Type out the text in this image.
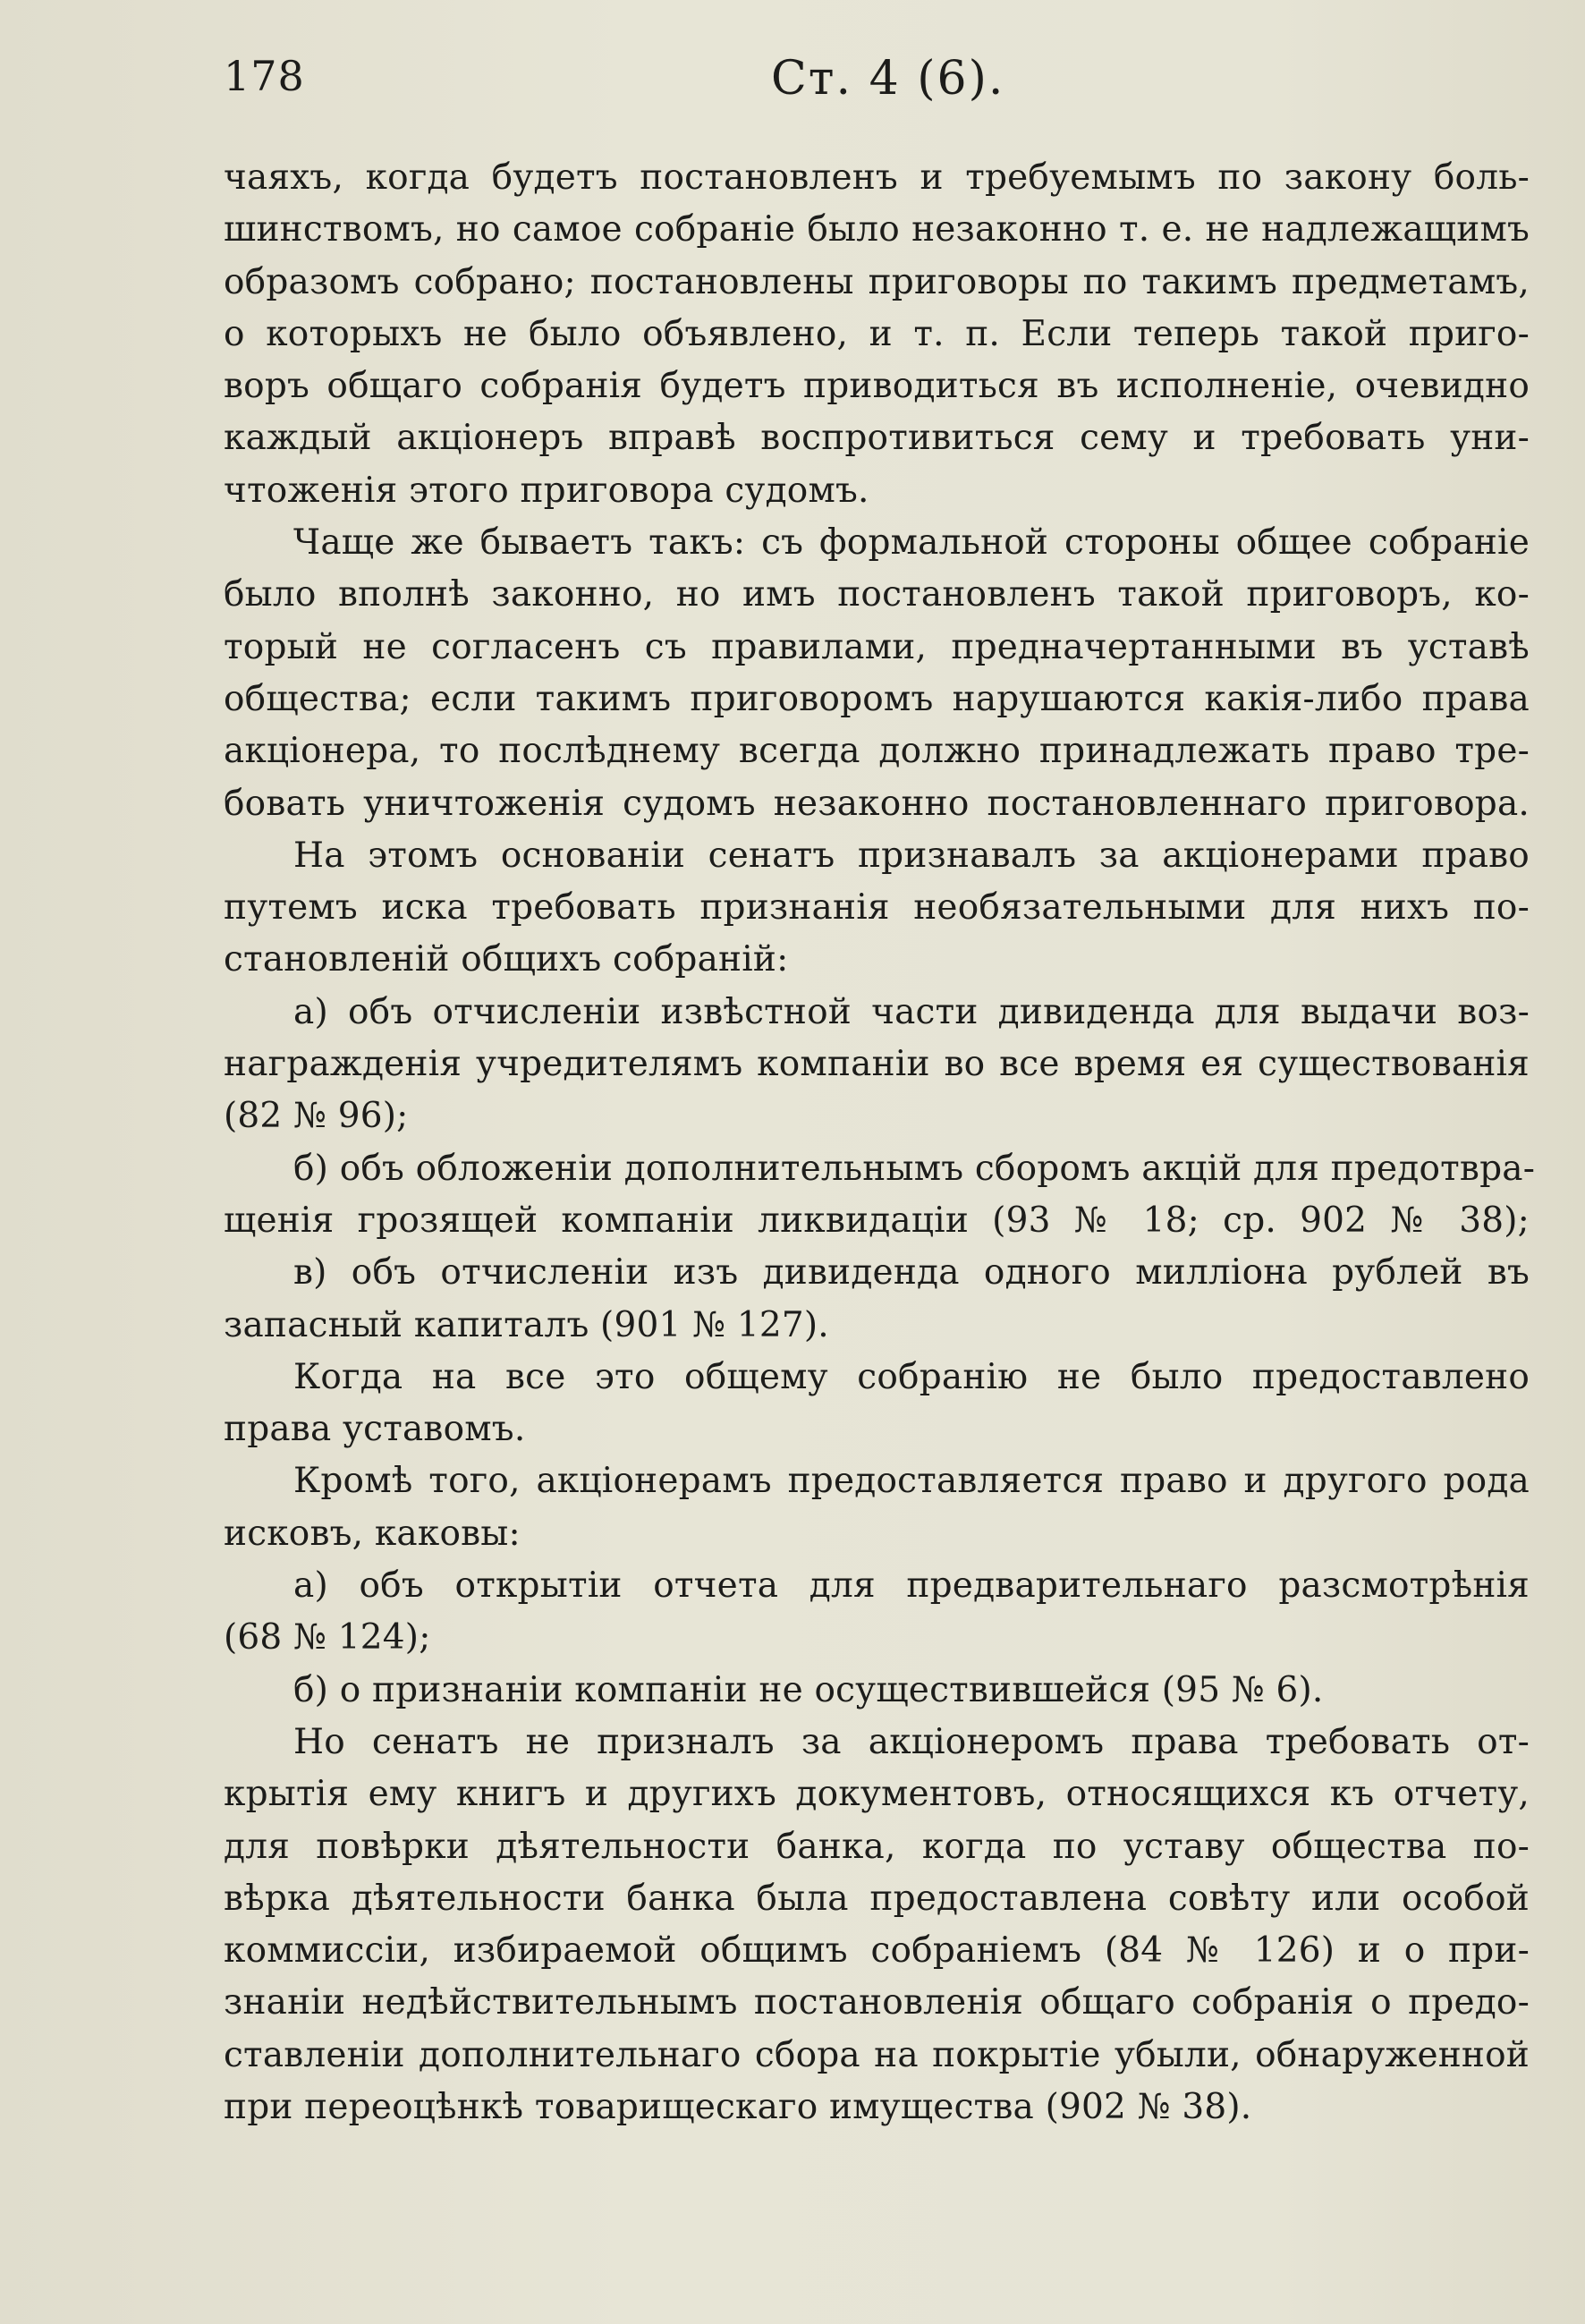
178	Ст. 4 (6).
чаяхъ, когда будетъ постановленъ и требуемымъ по закону боль-
шинствомъ, но самое собраніе было незаконно т. е. не надлежащимъ
образомъ собрано; постановлены приговоры по такимъ предметамъ,
о которыхъ не было объявлено, и т. п. Если теперь такой приго-
воръ общаго собранія будетъ приводиться въ исполненіе, очевидно
каждый акціонеръ вправѣ воспротивиться сему и требовать уни-
чтоженія этого приговора судомъ.
Чаще же бываетъ такъ: съ формальной стороны общее собраніе
было вполнѣ законно, но имъ постановленъ такой приговоръ, ко-
торый не согласенъ съ правилами, предначертанными въ уставѣ
общества; если такимъ приговоромъ нарушаются какія-либо права
акціонера, то послѣднему всегда должно принадлежать право тре-
бовать уничтоженія судомъ незаконно постановленнаго приговора.
На этомъ основаніи сенатъ признавалъ за акціонерами право
путемъ иска требовать признанія необязательными для нихъ по-
становленій общихъ собраній:
а) объ отчисленіи извѣстной части дивиденда для выдачи воз-
награжденія учредителямъ компаніи во все время ея существованія
(82 № 96);
б) объ обложеніи дополнительнымъ сборомъ акцій для предотвра-
щенія грозящей компаніи ликвидаціи (93 № 18; ср. 902 № 38);
в) объ отчисленіи изъ дивиденда одного милліона рублей въ
запасный капиталъ (901 № 127).
Когда на все это общему собранію не было предоставлено
права уставомъ.
Кромѣ того, акціонерамъ предоставляется право и другого рода
исковъ, каковы:
а) объ открытіи отчета для предварительнаго разсмотрѣнія
(68 № 124);
б) о признаніи компаніи не осуществившейся (95 № 6).
Но сенатъ не призналъ за акціонеромъ права требовать от-
крытія ему книгъ и другихъ документовъ, относящихся къ отчету,
для повѣрки дѣятельности банка, когда по уставу общества по-
вѣрка дѣятельности банка была предоставлена совѣту или особой
коммиссіи, избираемой общимъ собраніемъ (84 № 126) и о при-
знаніи недѣйствительнымъ постановленія общаго собранія о предо-
ставленіи дополнительнаго сбора на покрытіе убыли, обнаруженной
при переоцѣнкѣ товарищескаго имущества (902 № 38).
